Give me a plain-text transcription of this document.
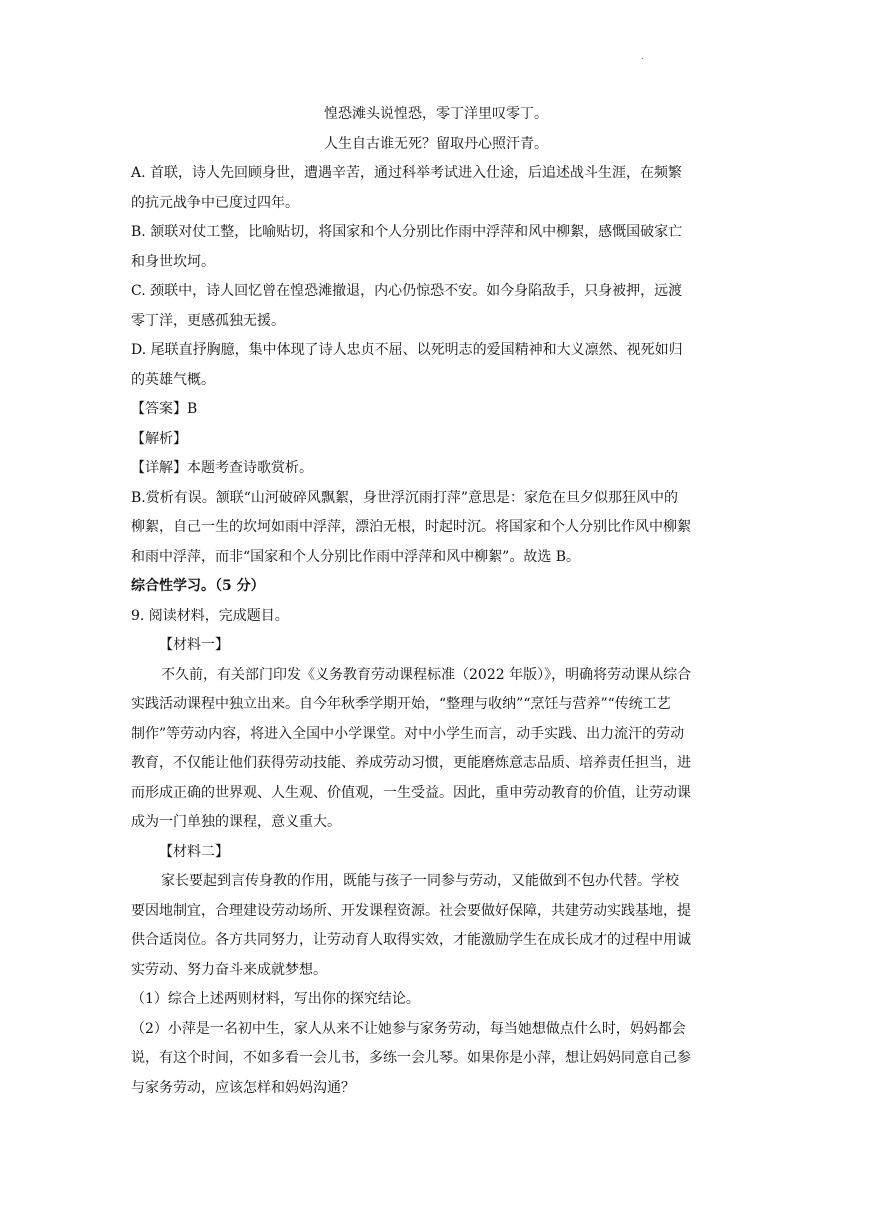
.
惶恐滩头说惶恐，零丁洋里叹零丁。
人生自古谁无死？留取丹心照汗青。
A. 首联，诗人先回顾身世，遭遇辛苦，通过科举考试进入仕途，后追述战斗生涯，在频繁
的抗元战争中已度过四年。
B. 颔联对仗工整，比喻贴切，将国家和个人分别比作雨中浮萍和风中柳絮，感慨国破家亡
和身世坎坷。
C. 颈联中，诗人回忆曾在惶恐滩撤退，内心仍惊恐不安。如今身陷敌手，只身被押，远渡
零丁洋，更感孤独无援。
D. 尾联直抒胸臆，集中体现了诗人忠贞不屈、以死明志的爱国精神和大义凛然、视死如归
的英雄气概。
【答案】B
【解析】
【详解】本题考查诗歌赏析。
B.赏析有误。颔联“山河破碎风飘絮，身世浮沉雨打萍”意思是：家危在旦夕似那狂风中的
柳絮，自己一生的坎坷如雨中浮萍，漂泊无根，时起时沉。将国家和个人分别比作风中柳絮
和雨中浮萍，而非“国家和个人分别比作雨中浮萍和风中柳絮”。故选 B。
综合性学习。（5 分）
9. 阅读材料，完成题目。
【材料一】
不久前，有关部门印发《义务教育劳动课程标准（2022 年版）》，明确将劳动课从综合
实践活动课程中独立出来。自今年秋季学期开始，“整理与收纳”“烹饪与营养”“传统工艺
制作”等劳动内容，将进入全国中小学课堂。对中小学生而言，动手实践、出力流汗的劳动
教育，不仅能让他们获得劳动技能、养成劳动习惯，更能磨炼意志品质、培养责任担当，进
而形成正确的世界观、人生观、价值观，一生受益。因此，重申劳动教育的价值，让劳动课
成为一门单独的课程，意义重大。
【材料二】
家长要起到言传身教的作用，既能与孩子一同参与劳动，又能做到不包办代替。学校
要因地制宜，合理建设劳动场所、开发课程资源。社会要做好保障，共建劳动实践基地，提
供合适岗位。各方共同努力，让劳动育人取得实效，才能激励学生在成长成才的过程中用诚
实劳动、努力奋斗来成就梦想。
（1）综合上述两则材料，写出你的探究结论。
（2）小萍是一名初中生，家人从来不让她参与家务劳动，每当她想做点什么时，妈妈都会
说，有这个时间，不如多看一会儿书，多练一会儿琴。如果你是小萍，想让妈妈同意自己参
与家务劳动，应该怎样和妈妈沟通？
